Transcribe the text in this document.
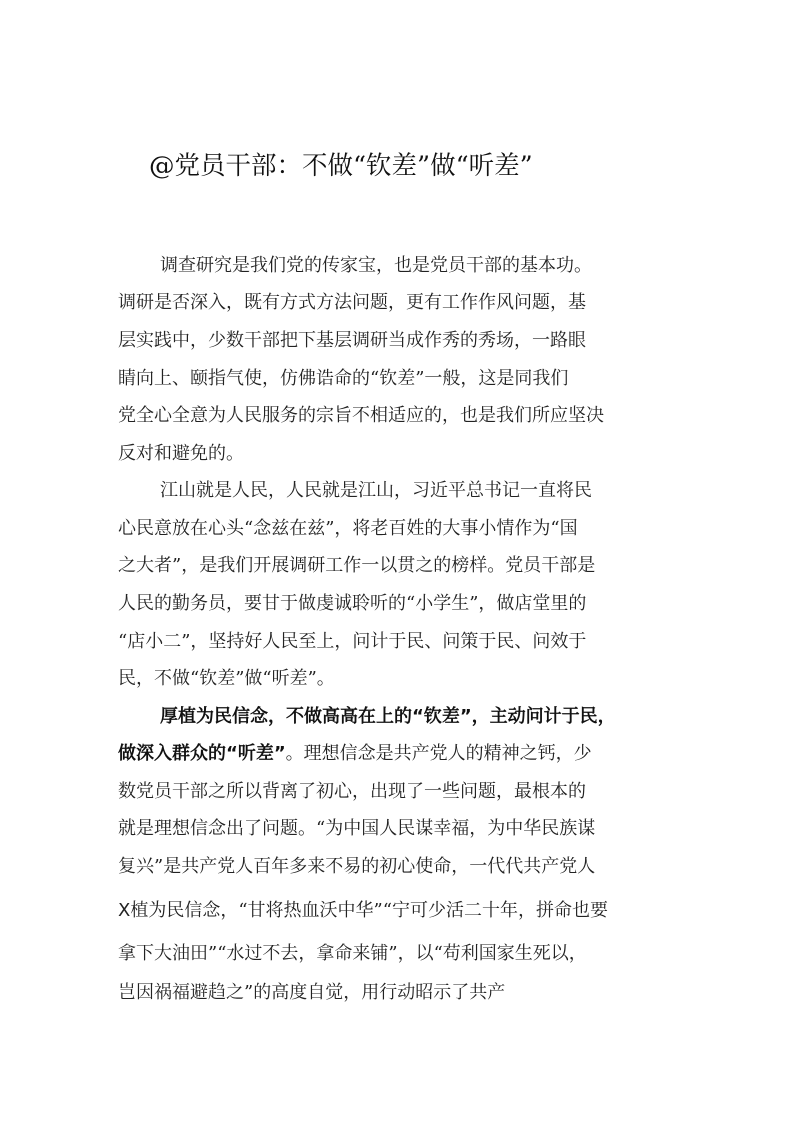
@党员干部：不做“钦差”做“听差”
调查研究是我们党的传家宝，也是党员干部的基本功。
调研是否深入，既有方式方法问题，更有工作作风问题，基
层实践中，少数干部把下基层调研当成作秀的秀场，一路眼
睛向上、颐指气使，仿佛诰命的“钦差”一般，这是同我们
党全心全意为人民服务的宗旨不相适应的，也是我们所应坚决
反对和避免的。
江山就是人民，人民就是江山，习近平总书记一直将民
心民意放在心头“念兹在兹”，将老百姓的大事小情作为“国
之大者”，是我们开展调研工作一以贯之的榜样。党员干部是
人民的勤务员，要甘于做虔诚聆听的“小学生”，做店堂里的
“店小二”，坚持好人民至上，问计于民、问策于民、问效于
民，不做“钦差”做“听差”。
厚植为民信念，不做高高在上的“钦差”，主动问计于民，
做深入群众的“听差”。理想信念是共产党人的精神之钙，少
数党员干部之所以背离了初心，出现了一些问题，最根本的
就是理想信念出了问题。“为中国人民谋幸福，为中华民族谋
复兴”是共产党人百年多来不易的初心使命，一代代共产党人
X植为民信念，“甘将热血沃中华”“宁可少活二十年，拼命也要
拿下大油田”“水过不去，拿命来铺”，以“苟利国家生死以，
岂因祸福避趋之”的高度自觉，用行动昭示了共产
